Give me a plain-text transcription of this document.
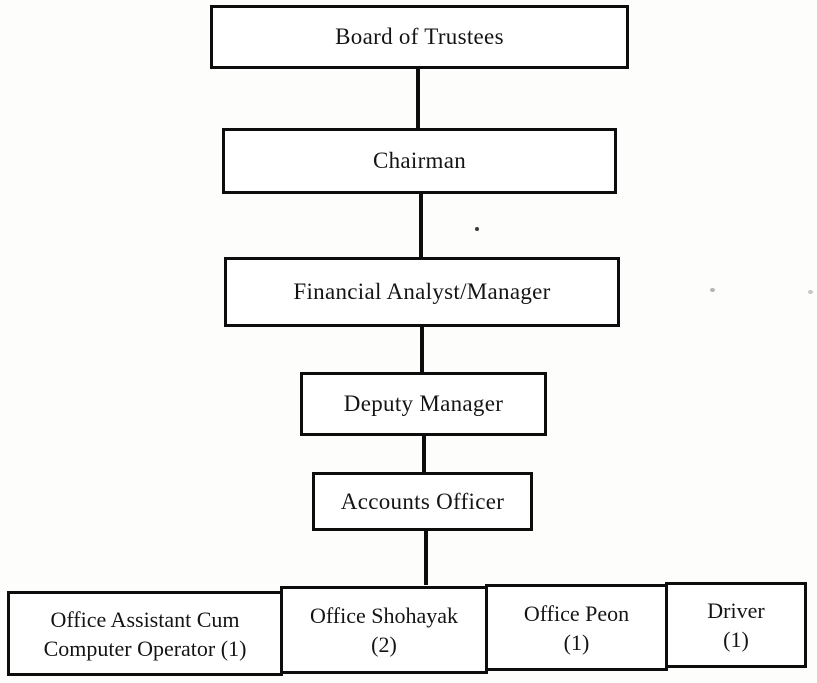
Board of Trustees
Chairman
Financial Analyst/Manager
Deputy Manager
Accounts Officer
Office Assistant Cum
Computer Operator (1)
Office Shohayak
(2)
Office Peon
(1)
Driver
(1)
